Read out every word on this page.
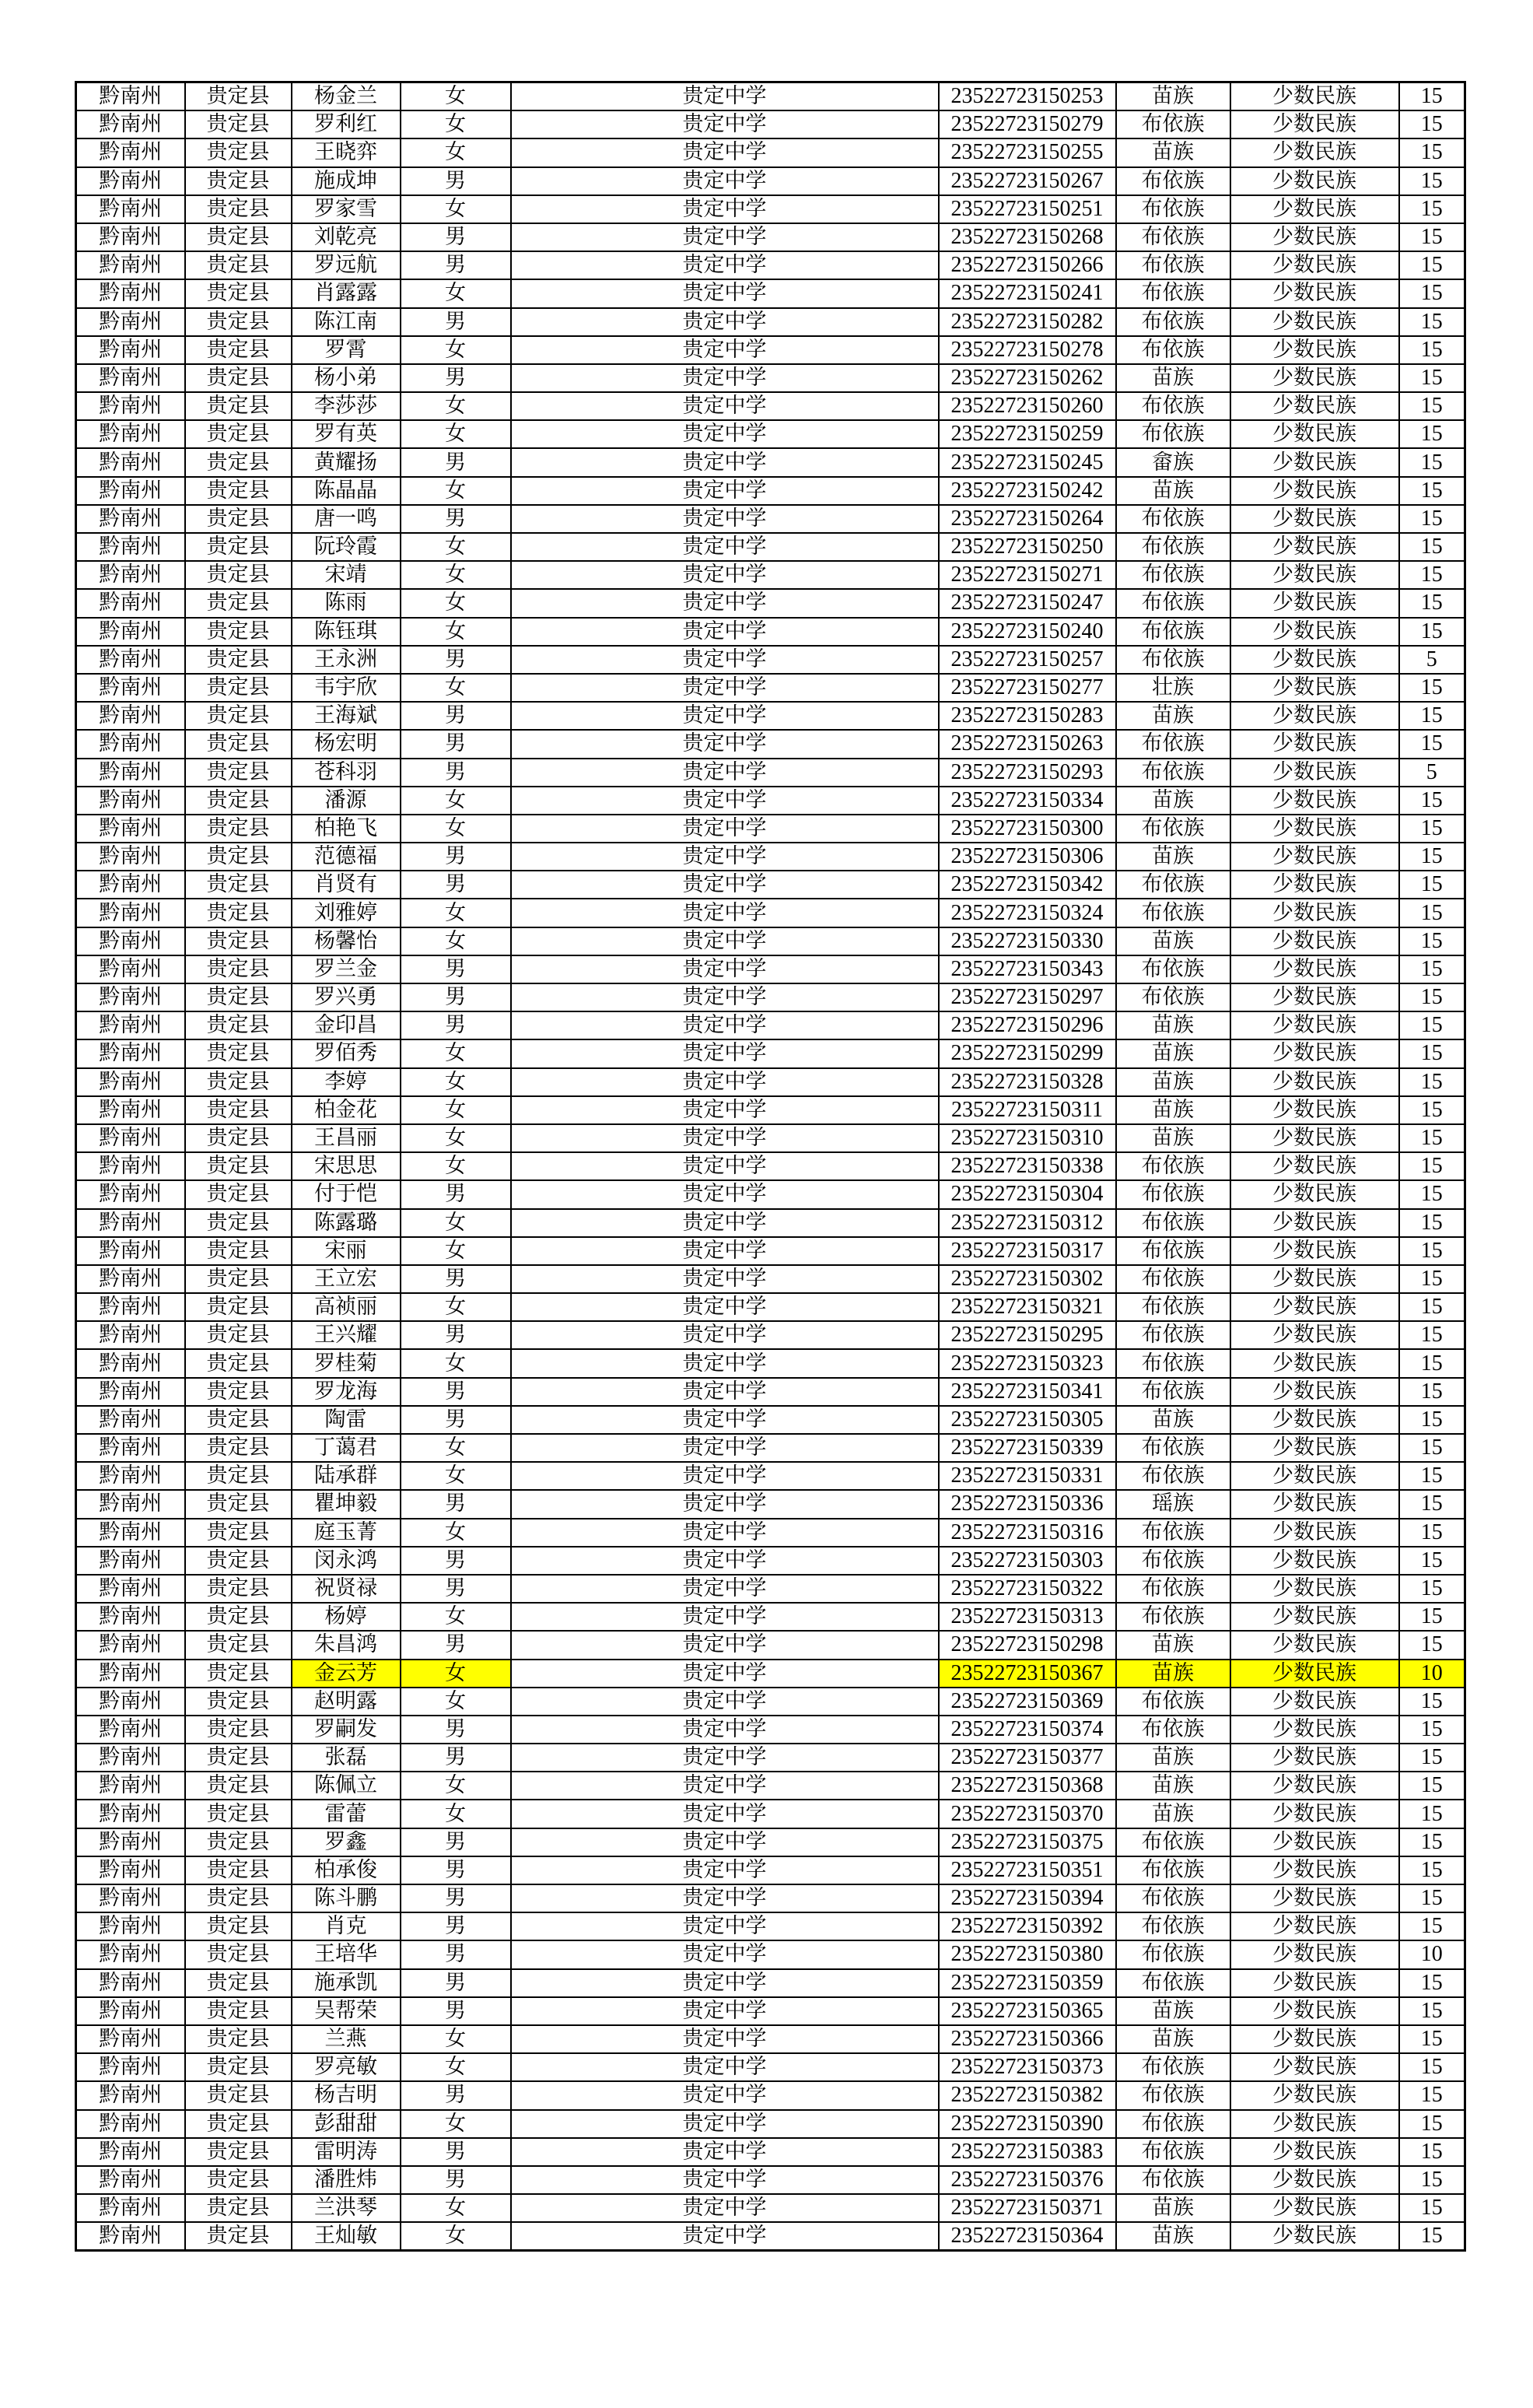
黔南州	贵定县	杨金兰	女	贵定中学	23522723150253	苗族	少数民族	15
黔南州	贵定县	罗利红	女	贵定中学	23522723150279	布依族	少数民族	15
黔南州	贵定县	王晓弈	女	贵定中学	23522723150255	苗族	少数民族	15
黔南州	贵定县	施成坤	男	贵定中学	23522723150267	布依族	少数民族	15
黔南州	贵定县	罗家雪	女	贵定中学	23522723150251	布依族	少数民族	15
黔南州	贵定县	刘乾亮	男	贵定中学	23522723150268	布依族	少数民族	15
黔南州	贵定县	罗远航	男	贵定中学	23522723150266	布依族	少数民族	15
黔南州	贵定县	肖露露	女	贵定中学	23522723150241	布依族	少数民族	15
黔南州	贵定县	陈江南	男	贵定中学	23522723150282	布依族	少数民族	15
黔南州	贵定县	罗霄	女	贵定中学	23522723150278	布依族	少数民族	15
黔南州	贵定县	杨小弟	男	贵定中学	23522723150262	苗族	少数民族	15
黔南州	贵定县	李莎莎	女	贵定中学	23522723150260	布依族	少数民族	15
黔南州	贵定县	罗有英	女	贵定中学	23522723150259	布依族	少数民族	15
黔南州	贵定县	黄耀扬	男	贵定中学	23522723150245	畲族	少数民族	15
黔南州	贵定县	陈晶晶	女	贵定中学	23522723150242	苗族	少数民族	15
黔南州	贵定县	唐一鸣	男	贵定中学	23522723150264	布依族	少数民族	15
黔南州	贵定县	阮玲霞	女	贵定中学	23522723150250	布依族	少数民族	15
黔南州	贵定县	宋靖	女	贵定中学	23522723150271	布依族	少数民族	15
黔南州	贵定县	陈雨	女	贵定中学	23522723150247	布依族	少数民族	15
黔南州	贵定县	陈钰琪	女	贵定中学	23522723150240	布依族	少数民族	15
黔南州	贵定县	王永洲	男	贵定中学	23522723150257	布依族	少数民族	5
黔南州	贵定县	韦宇欣	女	贵定中学	23522723150277	壮族	少数民族	15
黔南州	贵定县	王海斌	男	贵定中学	23522723150283	苗族	少数民族	15
黔南州	贵定县	杨宏明	男	贵定中学	23522723150263	布依族	少数民族	15
黔南州	贵定县	苍科羽	男	贵定中学	23522723150293	布依族	少数民族	5
黔南州	贵定县	潘源	女	贵定中学	23522723150334	苗族	少数民族	15
黔南州	贵定县	柏艳飞	女	贵定中学	23522723150300	布依族	少数民族	15
黔南州	贵定县	范德福	男	贵定中学	23522723150306	苗族	少数民族	15
黔南州	贵定县	肖贤有	男	贵定中学	23522723150342	布依族	少数民族	15
黔南州	贵定县	刘雅婷	女	贵定中学	23522723150324	布依族	少数民族	15
黔南州	贵定县	杨馨怡	女	贵定中学	23522723150330	苗族	少数民族	15
黔南州	贵定县	罗兰金	男	贵定中学	23522723150343	布依族	少数民族	15
黔南州	贵定县	罗兴勇	男	贵定中学	23522723150297	布依族	少数民族	15
黔南州	贵定县	金印昌	男	贵定中学	23522723150296	苗族	少数民族	15
黔南州	贵定县	罗佰秀	女	贵定中学	23522723150299	苗族	少数民族	15
黔南州	贵定县	李婷	女	贵定中学	23522723150328	苗族	少数民族	15
黔南州	贵定县	柏金花	女	贵定中学	23522723150311	苗族	少数民族	15
黔南州	贵定县	王昌丽	女	贵定中学	23522723150310	苗族	少数民族	15
黔南州	贵定县	宋思思	女	贵定中学	23522723150338	布依族	少数民族	15
黔南州	贵定县	付于恺	男	贵定中学	23522723150304	布依族	少数民族	15
黔南州	贵定县	陈露璐	女	贵定中学	23522723150312	布依族	少数民族	15
黔南州	贵定县	宋丽	女	贵定中学	23522723150317	布依族	少数民族	15
黔南州	贵定县	王立宏	男	贵定中学	23522723150302	布依族	少数民族	15
黔南州	贵定县	高祯丽	女	贵定中学	23522723150321	布依族	少数民族	15
黔南州	贵定县	王兴耀	男	贵定中学	23522723150295	布依族	少数民族	15
黔南州	贵定县	罗桂菊	女	贵定中学	23522723150323	布依族	少数民族	15
黔南州	贵定县	罗龙海	男	贵定中学	23522723150341	布依族	少数民族	15
黔南州	贵定县	陶雷	男	贵定中学	23522723150305	苗族	少数民族	15
黔南州	贵定县	丁蔼君	女	贵定中学	23522723150339	布依族	少数民族	15
黔南州	贵定县	陆承群	女	贵定中学	23522723150331	布依族	少数民族	15
黔南州	贵定县	瞿坤毅	男	贵定中学	23522723150336	瑶族	少数民族	15
黔南州	贵定县	庭玉菁	女	贵定中学	23522723150316	布依族	少数民族	15
黔南州	贵定县	闵永鸿	男	贵定中学	23522723150303	布依族	少数民族	15
黔南州	贵定县	祝贤禄	男	贵定中学	23522723150322	布依族	少数民族	15
黔南州	贵定县	杨婷	女	贵定中学	23522723150313	布依族	少数民族	15
黔南州	贵定县	朱昌鸿	男	贵定中学	23522723150298	苗族	少数民族	15
黔南州	贵定县	金云芳	女	贵定中学	23522723150367	苗族	少数民族	10
黔南州	贵定县	赵明露	女	贵定中学	23522723150369	布依族	少数民族	15
黔南州	贵定县	罗嗣发	男	贵定中学	23522723150374	布依族	少数民族	15
黔南州	贵定县	张磊	男	贵定中学	23522723150377	苗族	少数民族	15
黔南州	贵定县	陈佩立	女	贵定中学	23522723150368	苗族	少数民族	15
黔南州	贵定县	雷蕾	女	贵定中学	23522723150370	苗族	少数民族	15
黔南州	贵定县	罗鑫	男	贵定中学	23522723150375	布依族	少数民族	15
黔南州	贵定县	柏承俊	男	贵定中学	23522723150351	布依族	少数民族	15
黔南州	贵定县	陈斗鹏	男	贵定中学	23522723150394	布依族	少数民族	15
黔南州	贵定县	肖克	男	贵定中学	23522723150392	布依族	少数民族	15
黔南州	贵定县	王培华	男	贵定中学	23522723150380	布依族	少数民族	10
黔南州	贵定县	施承凯	男	贵定中学	23522723150359	布依族	少数民族	15
黔南州	贵定县	吴帮荣	男	贵定中学	23522723150365	苗族	少数民族	15
黔南州	贵定县	兰燕	女	贵定中学	23522723150366	苗族	少数民族	15
黔南州	贵定县	罗亮敏	女	贵定中学	23522723150373	布依族	少数民族	15
黔南州	贵定县	杨吉明	男	贵定中学	23522723150382	布依族	少数民族	15
黔南州	贵定县	彭甜甜	女	贵定中学	23522723150390	布依族	少数民族	15
黔南州	贵定县	雷明涛	男	贵定中学	23522723150383	布依族	少数民族	15
黔南州	贵定县	潘胜炜	男	贵定中学	23522723150376	布依族	少数民族	15
黔南州	贵定县	兰洪琴	女	贵定中学	23522723150371	苗族	少数民族	15
黔南州	贵定县	王灿敏	女	贵定中学	23522723150364	苗族	少数民族	15
